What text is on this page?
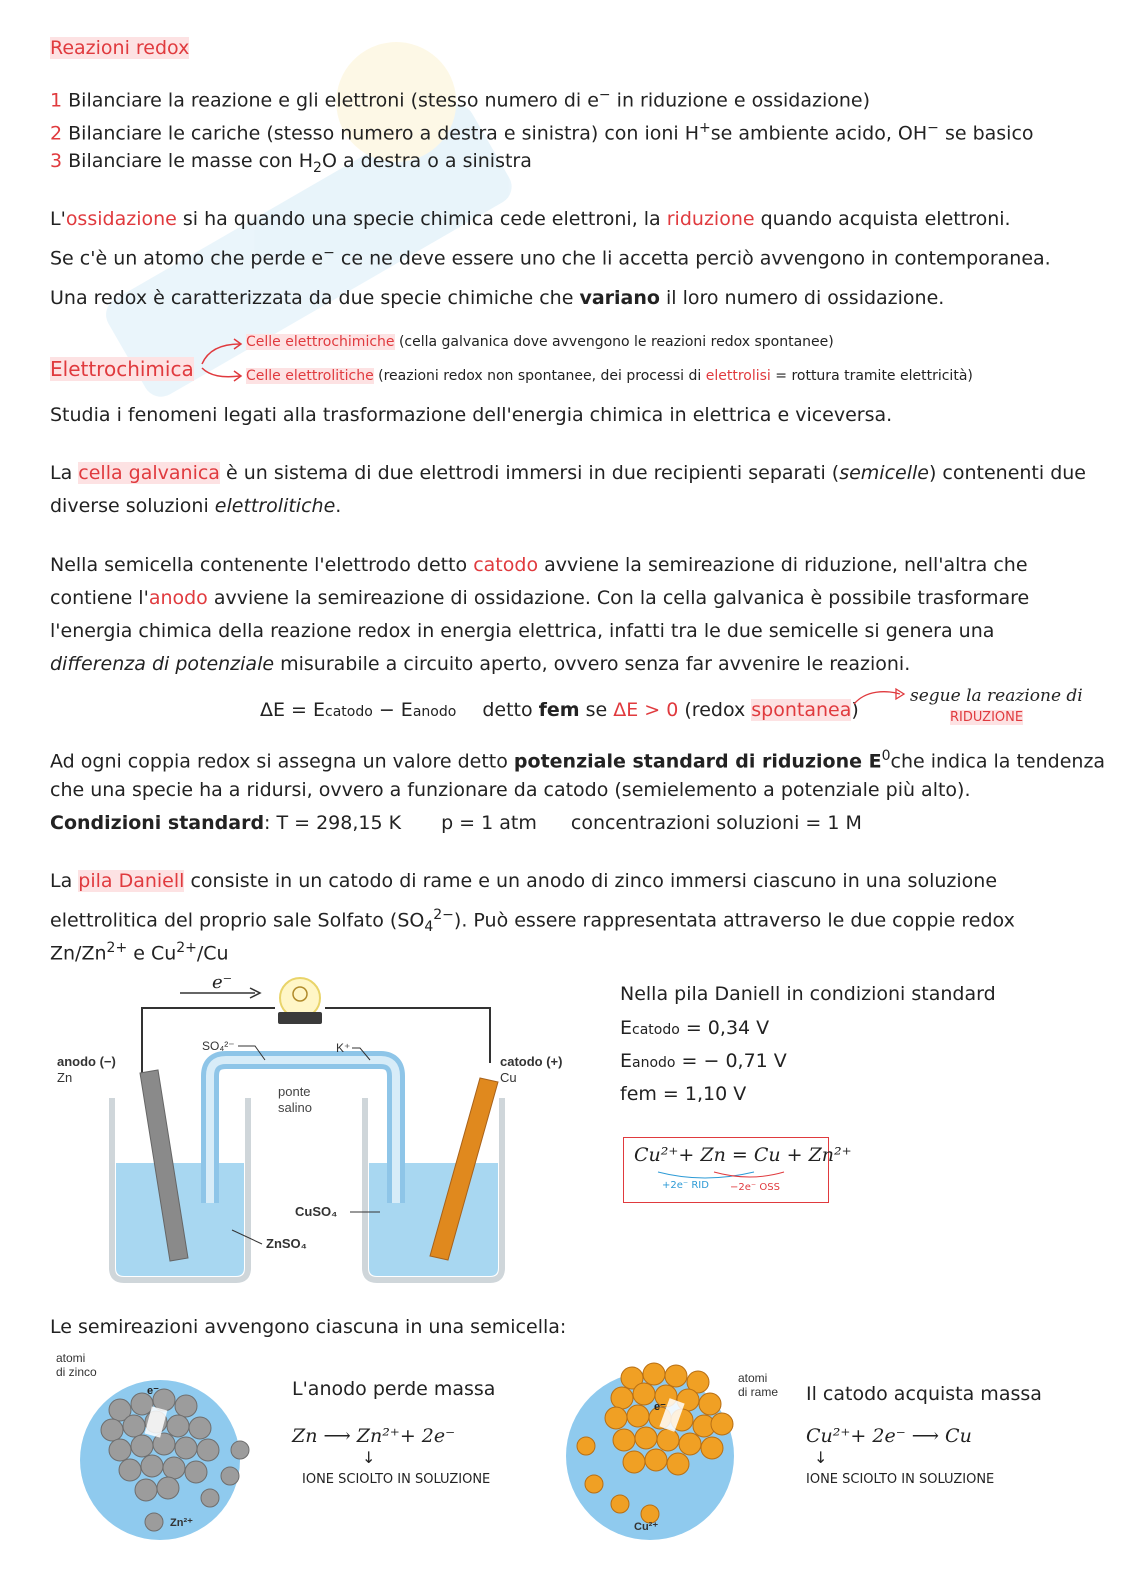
Reazioni redox
1 Bilanciare la reazione e gli elettroni (stesso numero di e− in riduzione e ossidazione)
2 Bilanciare le cariche (stesso numero a destra e sinistra) con ioni H+se ambiente acido, OH− se basico
3 Bilanciare le masse con $H_2O$ a destra o a sinistra
L'ossidazione si ha quando una specie chimica cede elettroni, la riduzione quando acquista elettroni.
Se c'è un atomo che perde e− ce ne deve essere uno che li accetta perciò avvengono in contemporanea.
Una redox è caratterizzata da due specie chimiche che variano il loro numero di ossidazione.
Elettrochimica
Celle elettrochimiche (cella galvanica dove avvengono le reazioni redox spontanee)
Celle elettrolitiche (reazioni redox non spontanee, dei processi di elettrolisi = rottura tramite elettricità)
Studia i fenomeni legati alla trasformazione dell'energia chimica in elettrica e viceversa.
La cella galvanica è un sistema di due elettrodi immersi in due recipienti separati (semicelle) contenenti due
diverse soluzioni elettrolitiche.
Nella semicella contenente l'elettrodo detto catodo avviene la semireazione di riduzione, nell'altra che
contiene l'anodo avviene la semireazione di ossidazione. Con la cella galvanica è possibile trasformare
l'energia chimica della reazione redox in energia elettrica, infatti tra le due semicelle si genera una
differenza di potenziale misurabile a circuito aperto, ovvero senza far avvenire le reazioni.
ΔE = Ecatodo − Eanodo detto fem se ΔE > 0 (redox spontanea)
segue la reazione di
RIDUZIONE
Ad ogni coppia redox si assegna un valore detto potenziale standard di riduzione $E^0che$ indica la tendenza
che una specie ha a ridursi, ovvero a funzionare da catodo (semielemento a potenziale più alto).
Condizioni standard: T = 298,15 K p = 1 atm concentrazioni soluzioni = 1 M
La pila Daniell consiste in un catodo di rame e un anodo di zinco immersi ciascuno in una soluzione
elettrolitica del proprio sale Solfato $(SO_4^{2-})$. Può essere rappresentata attraverso le due coppie redox
$Zn/Zn^{2+}$ e $Cu^{2+}/Cu$
e⁻
anodo (−)
Zn
catodo (+)
Cu
SO₄²⁻	K⁺
ponte
salino
CuSO₄
ZnSO₄
Nella pila Daniell in condizioni standard
Ecatodo = 0,34 V
Eanodo = − 0,71 V
fem = 1,10 V
Cu²⁺+ Zn = Cu + Zn²⁺
+2e⁻ RID −2e⁻ OSS
Le semireazioni avvengono ciascuna in una semicella:
e⁻
atomi
di zinco
Zn²⁺
L'anodo perde massa
Zn ⟶ Zn²⁺+ 2e⁻
↓
IONE SCIOLTO IN SOLUZIONE
e⁻
atomi
di rame
Cu²⁺
Il catodo acquista massa
Cu²⁺+ 2e⁻ ⟶ Cu
↓
IONE SCIOLTO IN SOLUZIONE
